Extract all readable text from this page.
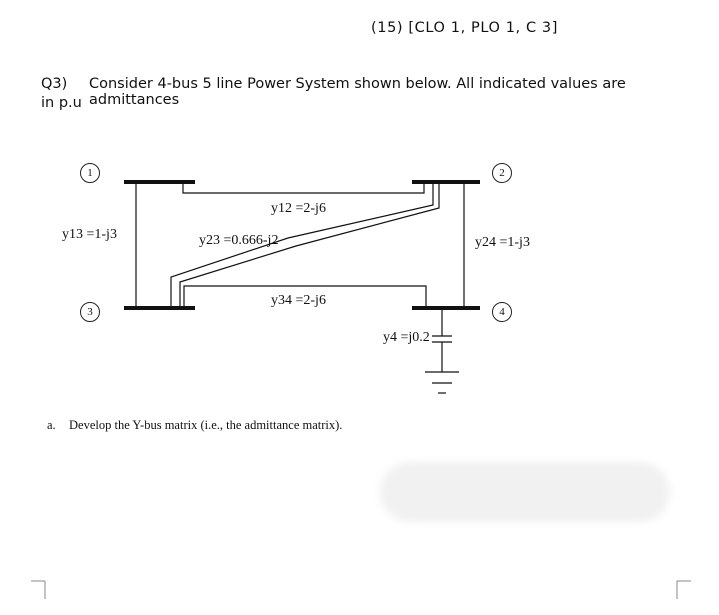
(15) [CLO 1, PLO 1, C 3]
Q3) Consider 4-bus 5 line Power System shown below. All indicated values are admittances
in p.u
1	2
3	4
y12 =2-j6
y13 =1-j3	y23 =0.666-j2	y24 =1-j3
y34 =2-j6
y4 =j0.2
a. Develop the Y-bus matrix (i.e., the admittance matrix).
